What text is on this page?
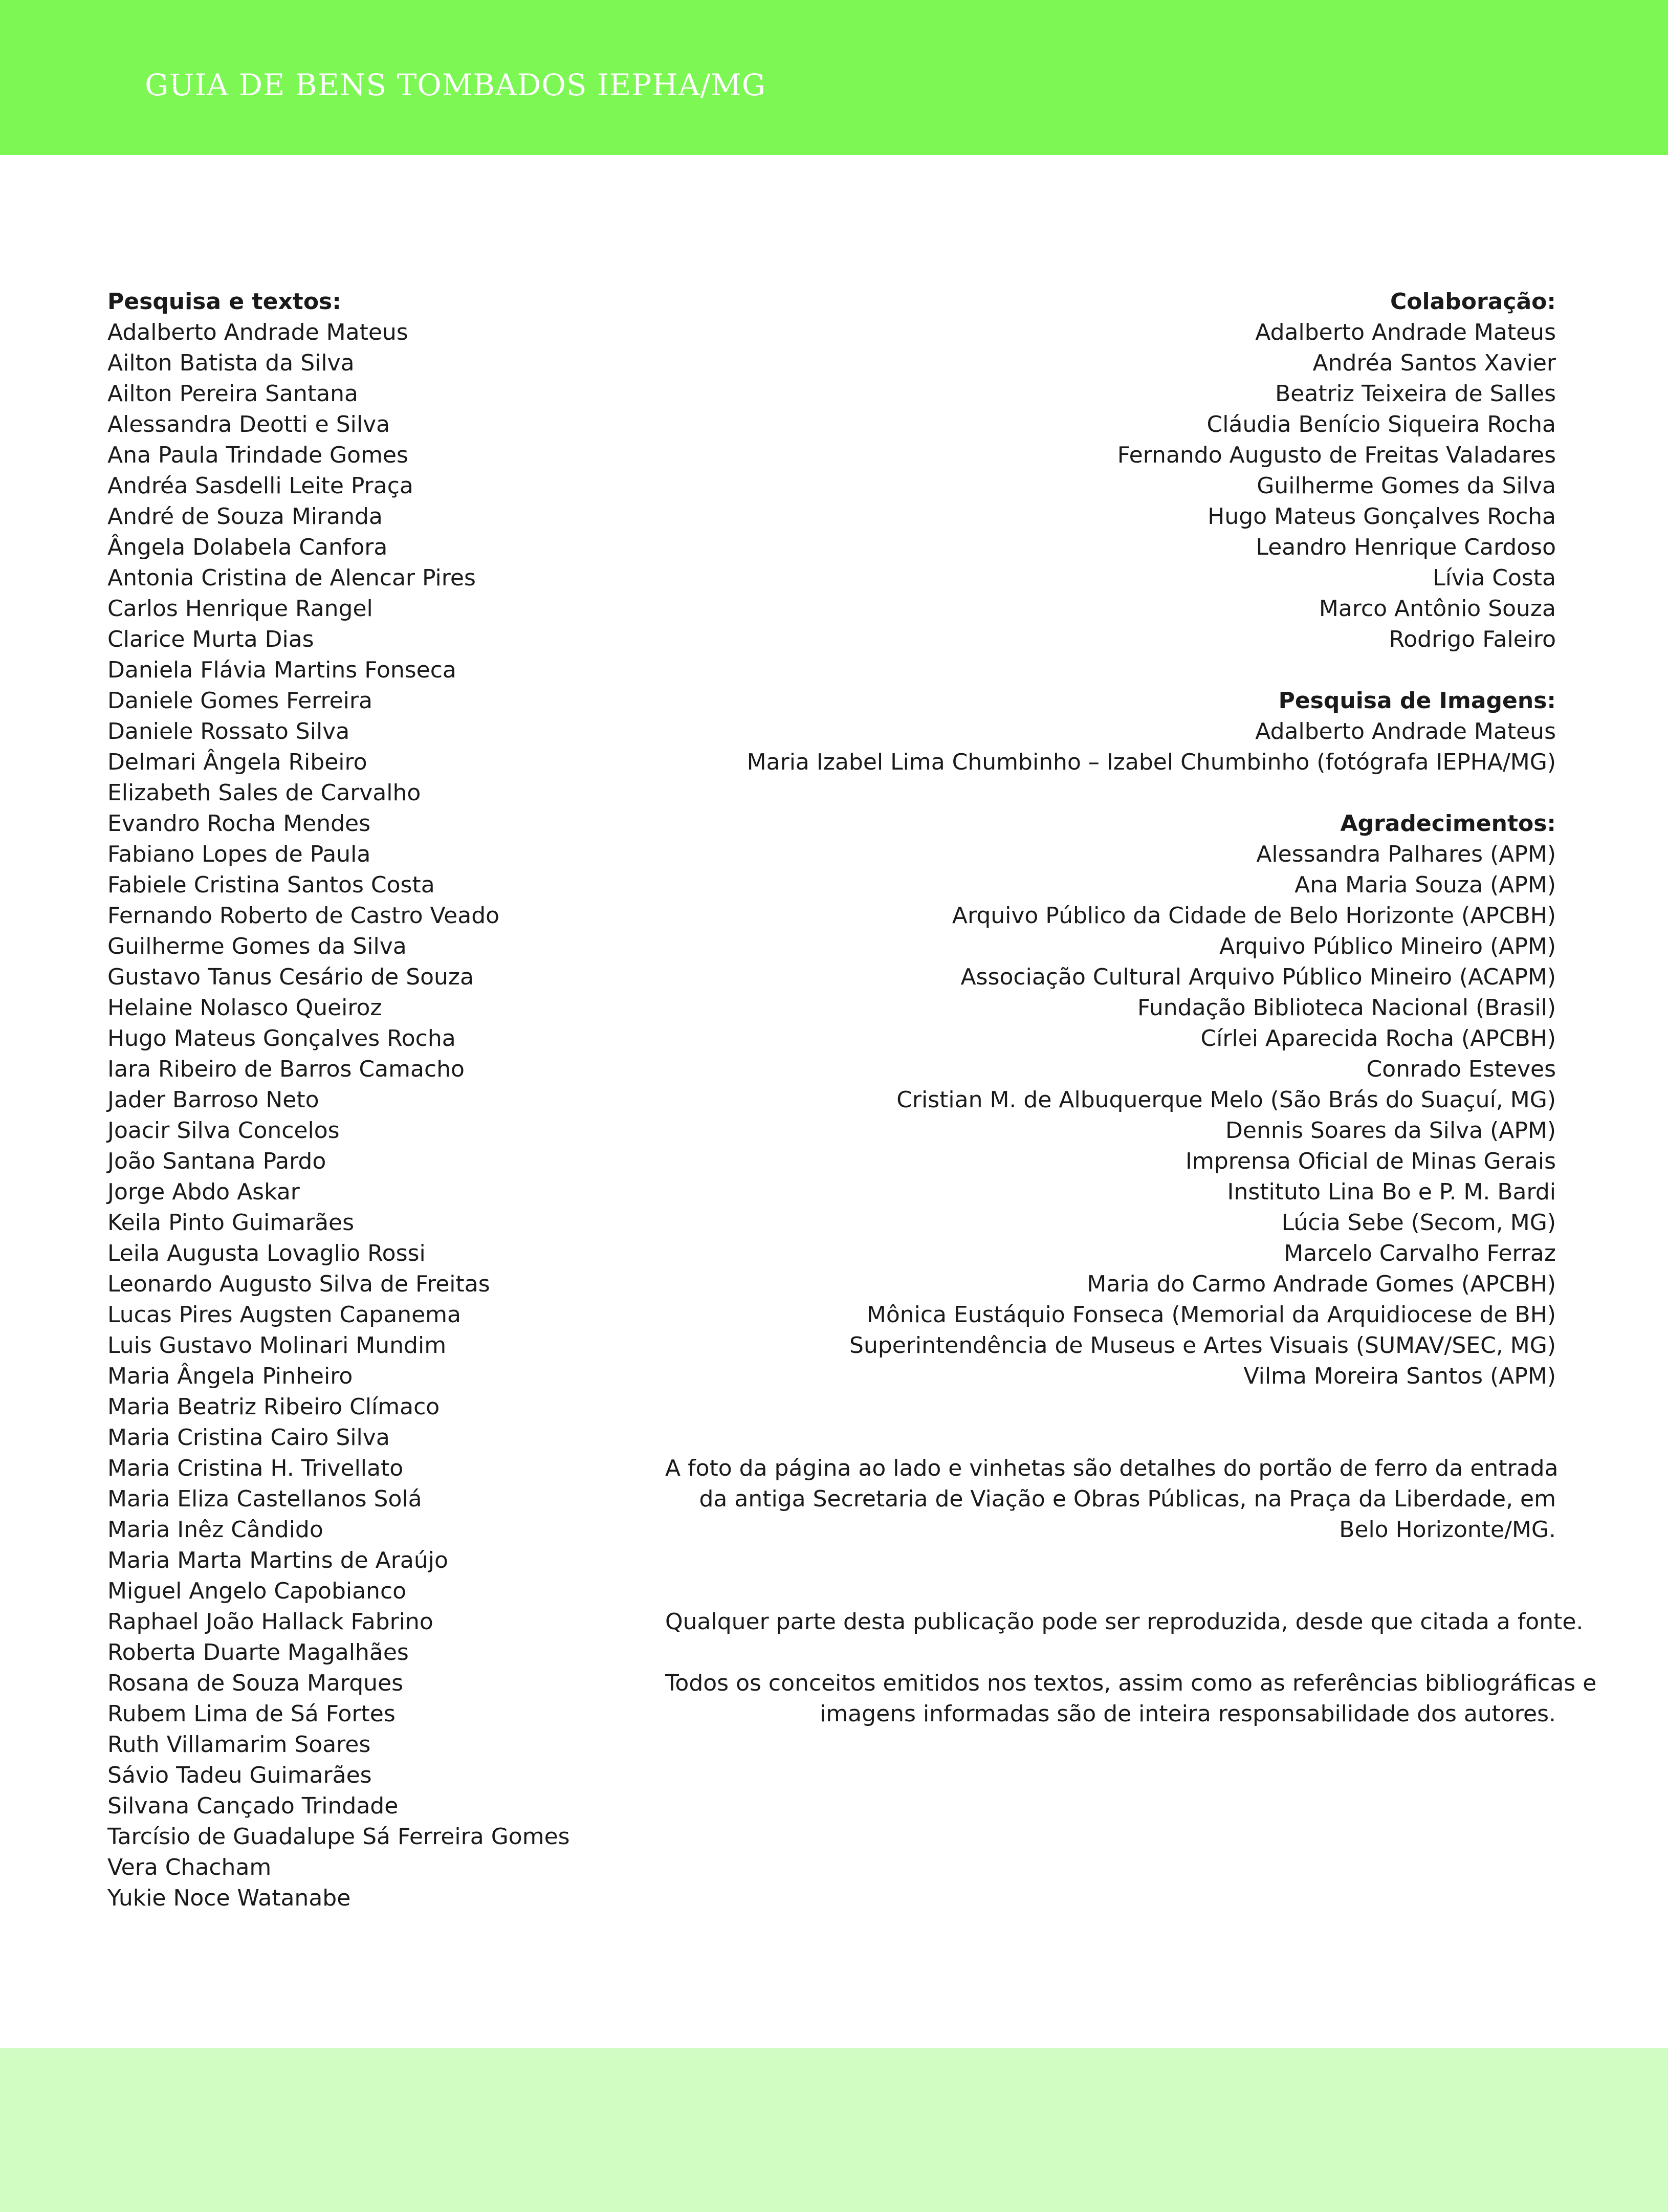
GUIA DE BENS TOMBADOS IEPHA/MG
Pesquisa e textos:
Adalberto Andrade Mateus
Ailton Batista da Silva
Ailton Pereira Santana
Alessandra Deotti e Silva
Ana Paula Trindade Gomes
Andréa Sasdelli Leite Praça
André de Souza Miranda
Ângela Dolabela Canfora
Antonia Cristina de Alencar Pires
Carlos Henrique Rangel
Clarice Murta Dias
Daniela Flávia Martins Fonseca
Daniele Gomes Ferreira
Daniele Rossato Silva
Delmari Ângela Ribeiro
Elizabeth Sales de Carvalho
Evandro Rocha Mendes
Fabiano Lopes de Paula
Fabiele Cristina Santos Costa
Fernando Roberto de Castro Veado
Guilherme Gomes da Silva
Gustavo Tanus Cesário de Souza
Helaine Nolasco Queiroz
Hugo Mateus Gonçalves Rocha
Iara Ribeiro de Barros Camacho
Jader Barroso Neto
Joacir Silva Concelos
João Santana Pardo
Jorge Abdo Askar
Keila Pinto Guimarães
Leila Augusta Lovaglio Rossi
Leonardo Augusto Silva de Freitas
Lucas Pires Augsten Capanema
Luis Gustavo Molinari Mundim
Maria Ângela Pinheiro
Maria Beatriz Ribeiro Clímaco
Maria Cristina Cairo Silva
Maria Cristina H. Trivellato
Maria Eliza Castellanos Solá
Maria Inêz Cândido
Maria Marta Martins de Araújo
Miguel Angelo Capobianco
Raphael João Hallack Fabrino
Roberta Duarte Magalhães
Rosana de Souza Marques
Rubem Lima de Sá Fortes
Ruth Villamarim Soares
Sávio Tadeu Guimarães
Silvana Cançado Trindade
Tarcísio de Guadalupe Sá Ferreira Gomes
Vera Chacham
Yukie Noce Watanabe
Colaboração:
Adalberto Andrade Mateus
Andréa Santos Xavier
Beatriz Teixeira de Salles
Cláudia Benício Siqueira Rocha
Fernando Augusto de Freitas Valadares
Guilherme Gomes da Silva
Hugo Mateus Gonçalves Rocha
Leandro Henrique Cardoso
Lívia Costa
Marco Antônio Souza
Rodrigo Faleiro
Pesquisa de Imagens:
Adalberto Andrade Mateus
Maria Izabel Lima Chumbinho – Izabel Chumbinho (fotógrafa IEPHA/MG)
Agradecimentos:
Alessandra Palhares (APM)
Ana Maria Souza (APM)
Arquivo Público da Cidade de Belo Horizonte (APCBH)
Arquivo Público Mineiro (APM)
Associação Cultural Arquivo Público Mineiro (ACAPM)
Fundação Biblioteca Nacional (Brasil)
Círlei Aparecida Rocha (APCBH)
Conrado Esteves
Cristian M. de Albuquerque Melo (São Brás do Suaçuí, MG)
Dennis Soares da Silva (APM)
Imprensa Oficial de Minas Gerais
Instituto Lina Bo e P. M. Bardi
Lúcia Sebe (Secom, MG)
Marcelo Carvalho Ferraz
Maria do Carmo Andrade Gomes (APCBH)
Mônica Eustáquio Fonseca (Memorial da Arquidiocese de BH)
Superintendência de Museus e Artes Visuais (SUMAV/SEC, MG)
Vilma Moreira Santos (APM)
A foto da página ao lado e vinhetas são detalhes do portão de ferro da entrada
da antiga Secretaria de Viação e Obras Públicas, na Praça da Liberdade, em
Belo Horizonte/MG.
Qualquer parte desta publicação pode ser reproduzida, desde que citada a fonte.
Todos os conceitos emitidos nos textos, assim como as referências bibliográficas e
imagens informadas são de inteira responsabilidade dos autores.
